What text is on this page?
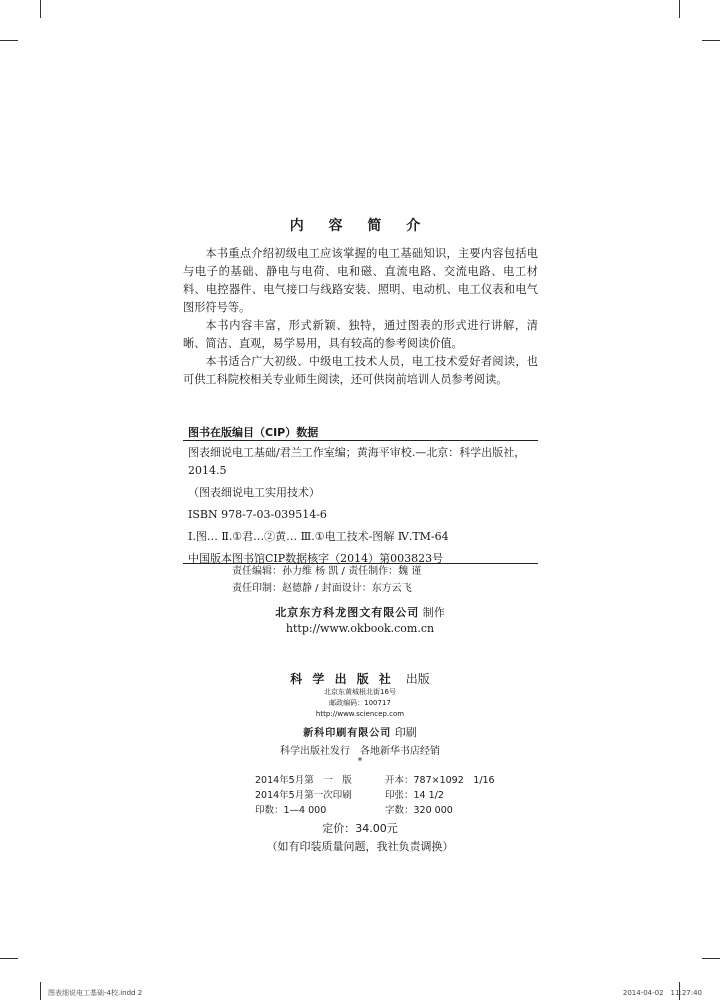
内 容 简 介

本书重点介绍初级电工应该掌握的电工基础知识，主要内容包括电与电子的基础、静电与电荷、电和磁、直流电路、交流电路、电工材料、电控器件、电气接口与线路安装、照明、电动机、电工仪表和电气图形符号等。

本书内容丰富，形式新颖、独特，通过图表的形式进行讲解，清晰、简洁、直观，易学易用，具有较高的参考阅读价值。

本书适合广大初级、中级电工技术人员，电工技术爱好者阅读，也可供工科院校相关专业师生阅读，还可供岗前培训人员参考阅读。

图书在版编目（CIP）数据
图表细说电工基础/君兰工作室编；黄海平审校.—北京：科学出版社，2014.5
（图表细说电工实用技术）
ISBN 978-7-03-039514-6
Ⅰ.图… Ⅱ.①君…②黄… Ⅲ.①电工技术-图解 Ⅳ.TM-64
中国版本图书馆CIP数据核字（2014）第003823号
责任编辑：孙力维 杨 凯 / 责任制作：魏 谨
责任印制：赵德静 / 封面设计：东方云飞
北京东方科龙图文有限公司 制作
http://www.okbook.com.cn
科 学 出 版 社 出版
北京东黄城根北街16号
邮政编码：100717
http://www.sciencep.com
新科印刷有限公司 印刷
科学出版社发行　各地新华书店经销
*
2014年5月第　一　版	开本：787×1092　1/16
2014年5月第一次印刷	印张：14 1/2
印数：1—4 000	字数：320 000
定价：34.00元
（如有印装质量问题，我社负责调换）
图表细说电工基础-4校.indd 2	2014-04-02　11:27:40
